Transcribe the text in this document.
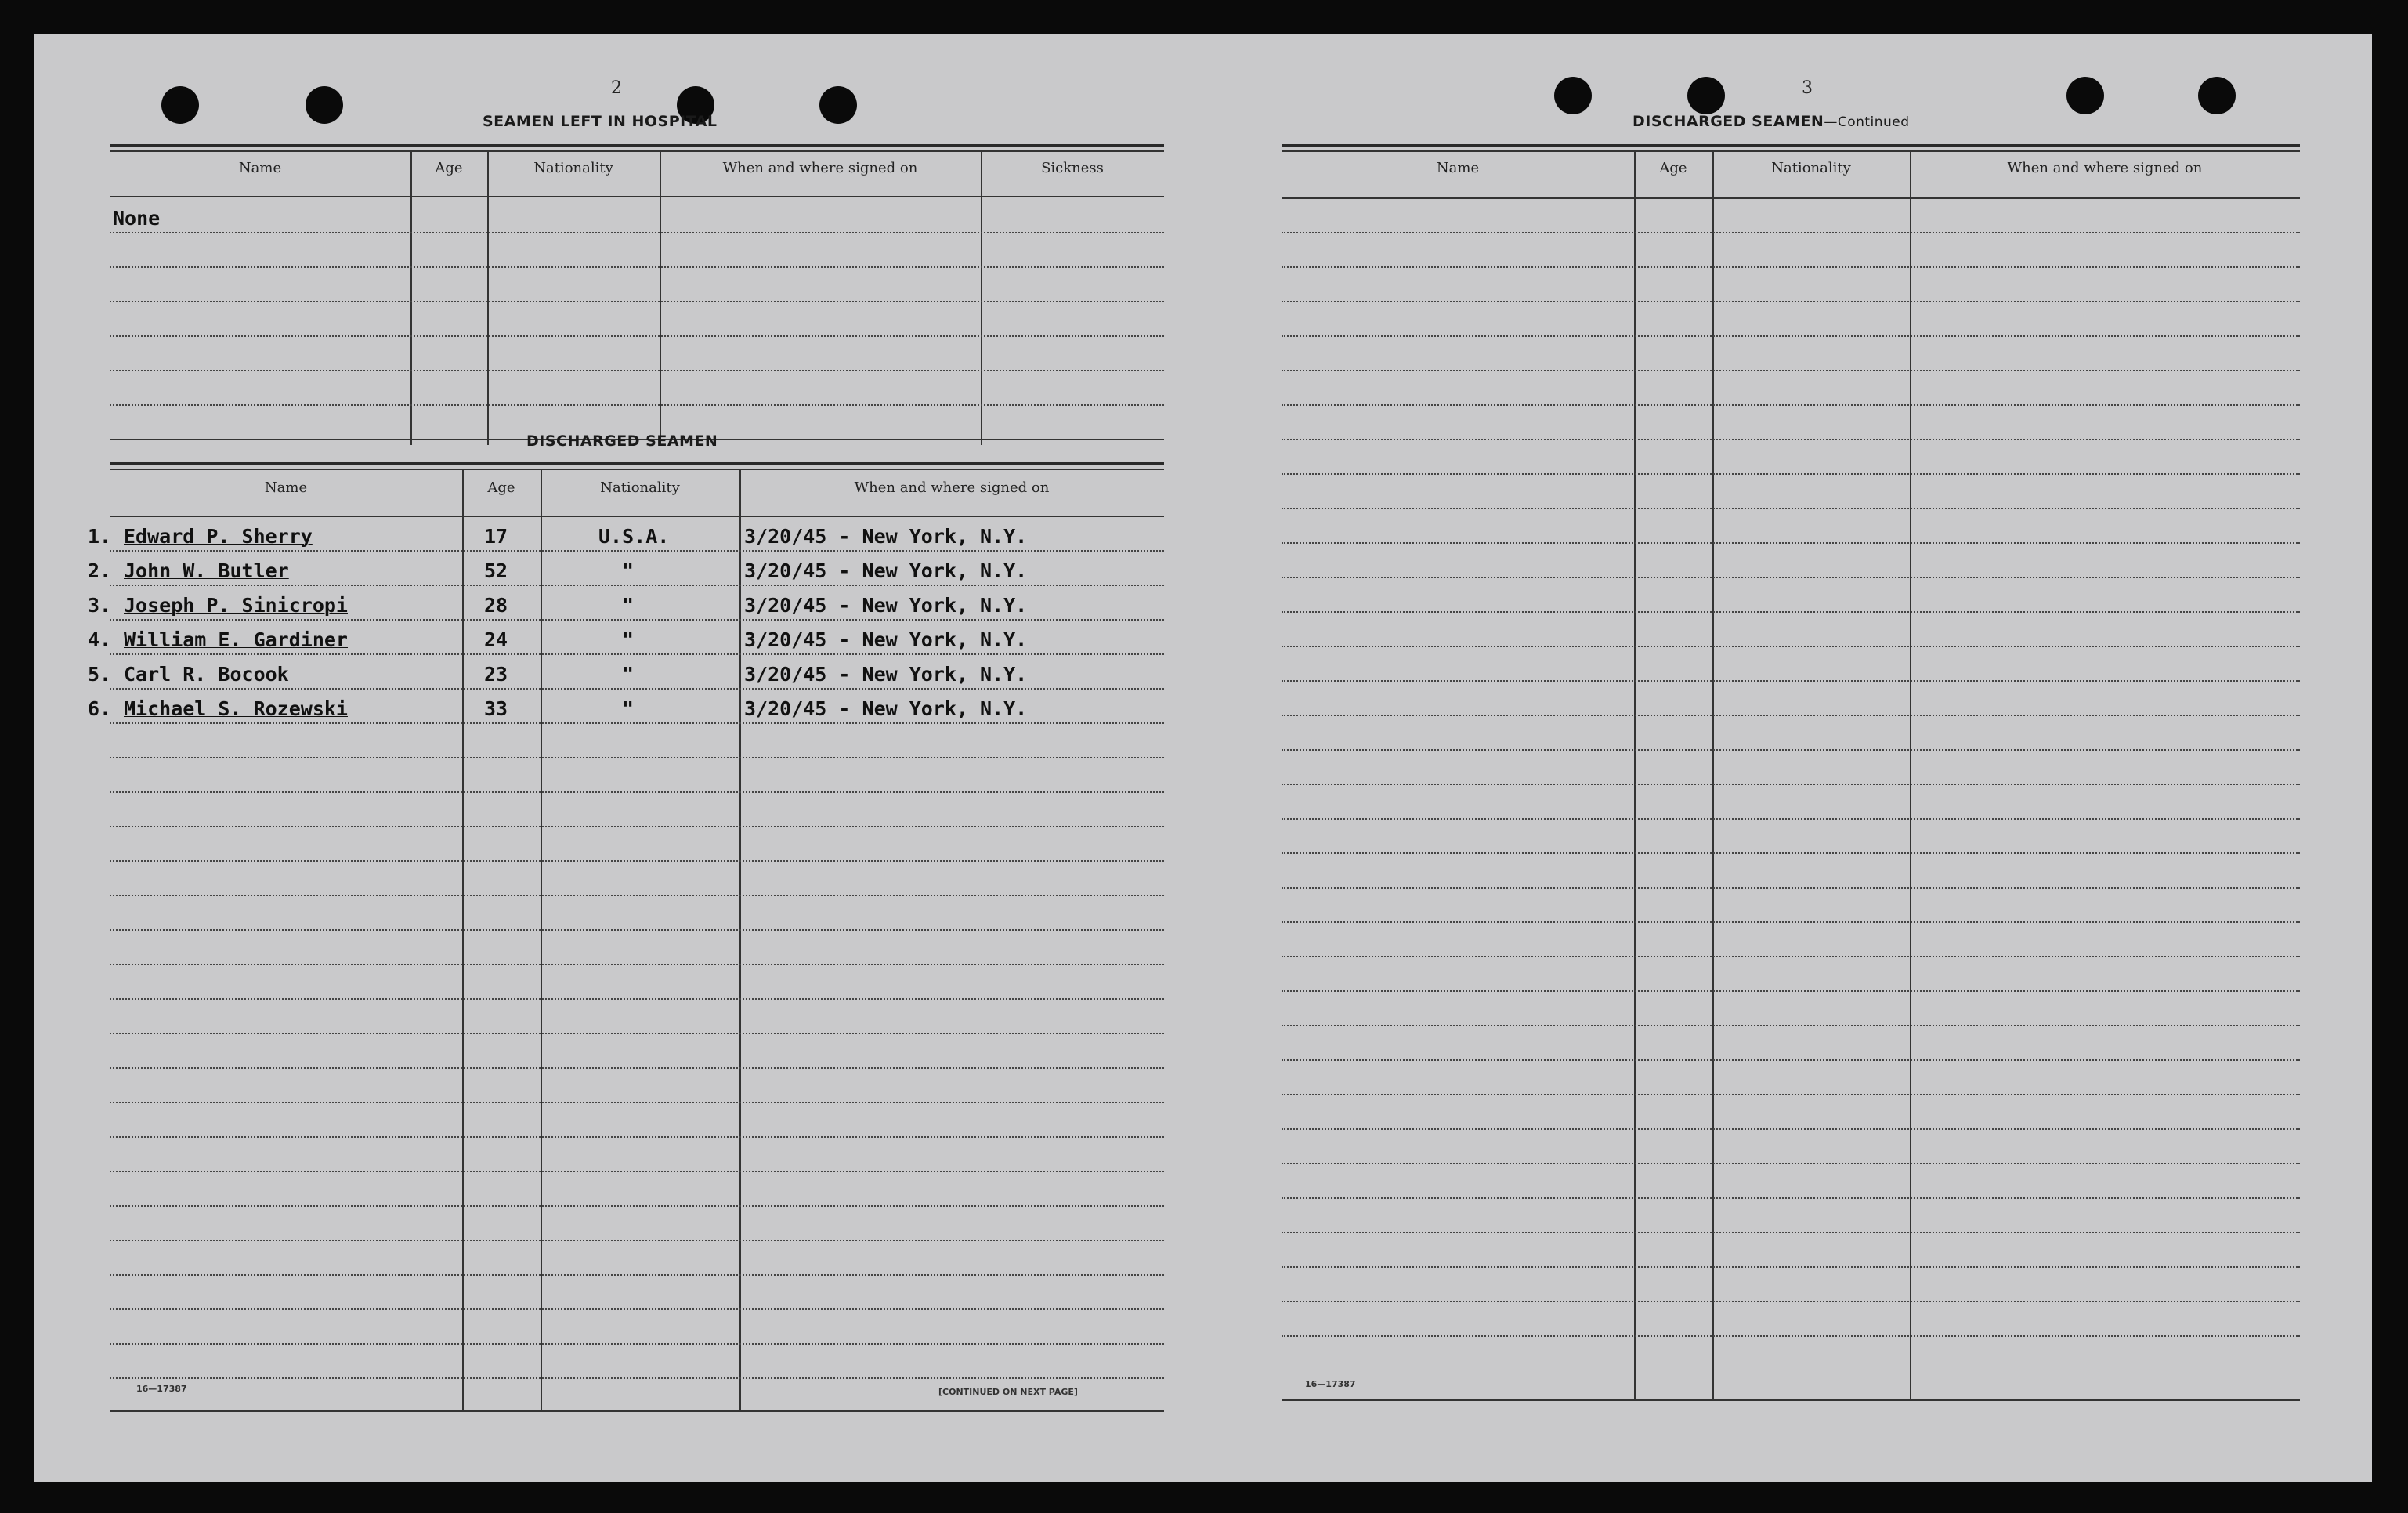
2
SEAMEN LEFT IN HOSPITAL
Name	Age	Nationality	When and where signed on	Sickness
None
DISCHARGED SEAMEN
Name	Age	Nationality	When and where signed on
1. Edward P. Sherry	17	U.S.A.	3/20/45 - New York, N.Y.
2. John W. Butler	52	"	3/20/45 - New York, N.Y.
3. Joseph P. Sinicropi	28	"	3/20/45 - New York, N.Y.
4. William E. Gardiner	24	"	3/20/45 - New York, N.Y.
5. Carl R. Bocook	23	"	3/20/45 - New York, N.Y.
6. Michael S. Rozewski	33	"	3/20/45 - New York, N.Y.
16—17387	[CONTINUED ON NEXT PAGE]
3
DISCHARGED SEAMEN—Continued
Name	Age	Nationality	When and where signed on
16—17387
